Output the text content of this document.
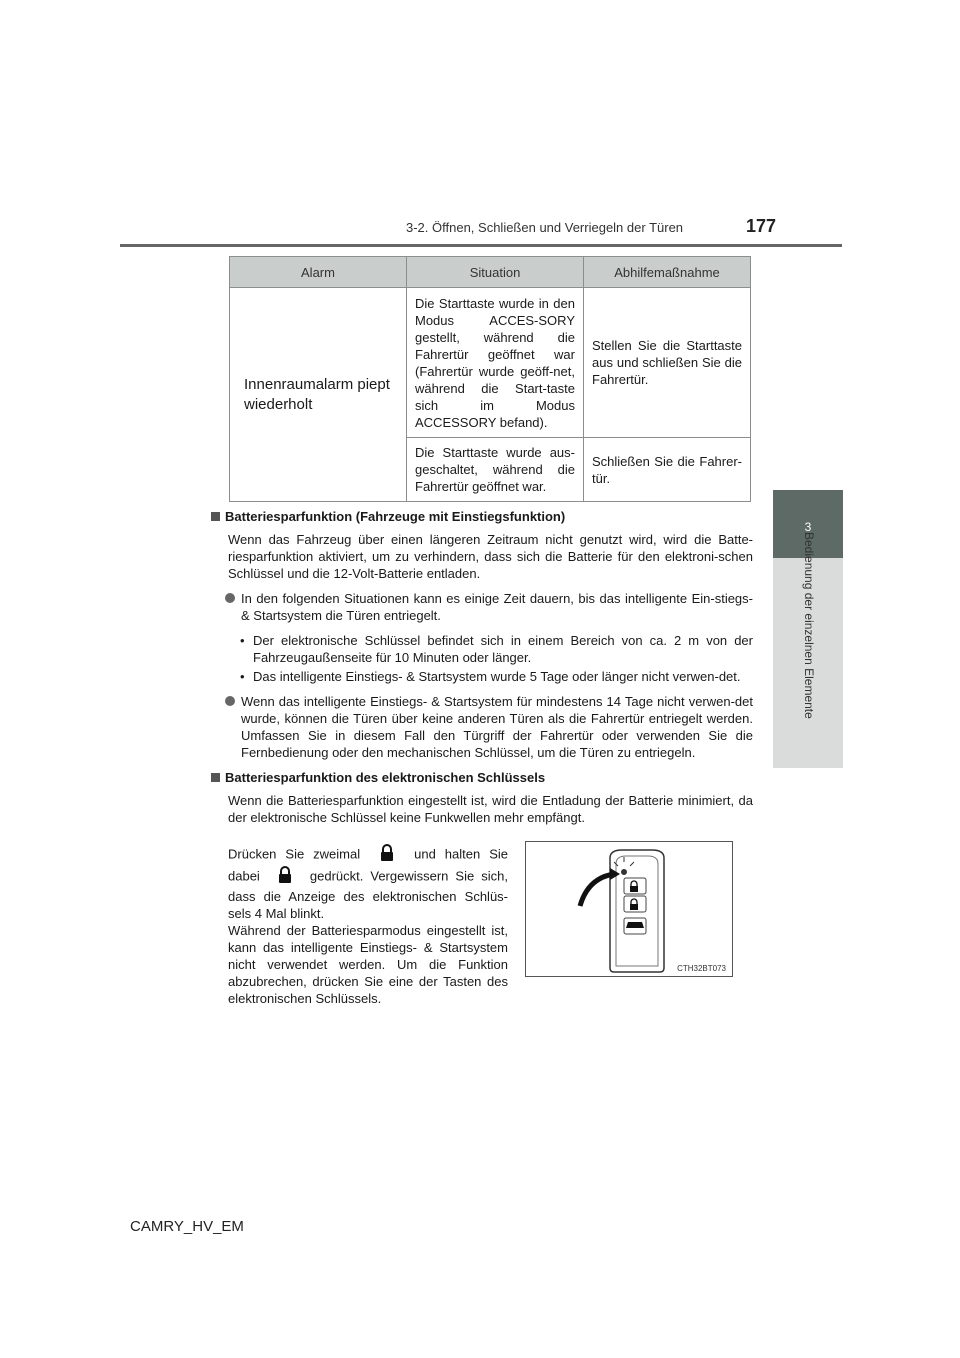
3-2. Öffnen, Schließen und Verriegeln der Türen	177
3
Bedienung der einzelnen Elemente
Alarm	Situation	Abhilfemaßnahme
Innenraumalarm piept wiederholt	Die Starttaste wurde in den Modus ACCES-SORY gestellt, während die Fahrertür geöffnet war (Fahrertür wurde geöff-net, während die Start-taste sich im Modus ACCESSORY befand).	Stellen Sie die Starttaste aus und schließen Sie die Fahrertür.
	Die Starttaste wurde aus-geschaltet, während die Fahrertür geöffnet war.	Schließen Sie die Fahrer-tür.
Batteriesparfunktion (Fahrzeuge mit Einstiegsfunktion)
Wenn das Fahrzeug über einen längeren Zeitraum nicht genutzt wird, wird die Batte-riesparfunktion aktiviert, um zu verhindern, dass sich die Batterie für den elektroni-schen Schlüssel und die 12-Volt-Batterie entladen.
In den folgenden Situationen kann es einige Zeit dauern, bis das intelligente Ein-stiegs- & Startsystem die Türen entriegelt.
• Der elektronische Schlüssel befindet sich in einem Bereich von ca. 2 m von der Fahrzeugaußenseite für 10 Minuten oder länger.
• Das intelligente Einstiegs- & Startsystem wurde 5 Tage oder länger nicht verwen-det.
Wenn das intelligente Einstiegs- & Startsystem für mindestens 14 Tage nicht verwen-det wurde, können die Türen über keine anderen Türen als die Fahrertür entriegelt werden. Umfassen Sie in diesem Fall den Türgriff der Fahrertür oder verwenden Sie die Fernbedienung oder den mechanischen Schlüssel, um die Türen zu entriegeln.
Batteriesparfunktion des elektronischen Schlüssels
Wenn die Batteriesparfunktion eingestellt ist, wird die Entladung der Batterie minimiert, da der elektronische Schlüssel keine Funkwellen mehr empfängt.
Drücken Sie zweimal	und halten Sie dabei	gedrückt. Vergewissern Sie sich, dass die Anzeige des elektronischen Schlüs-sels 4 Mal blinkt.
Während der Batteriesparmodus eingestellt ist, kann das intelligente Einstiegs- & Startsystem nicht verwendet werden. Um die Funktion abzubrechen, drücken Sie eine der Tasten des elektronischen Schlüssels.
CTH32BT073
CAMRY_HV_EM
